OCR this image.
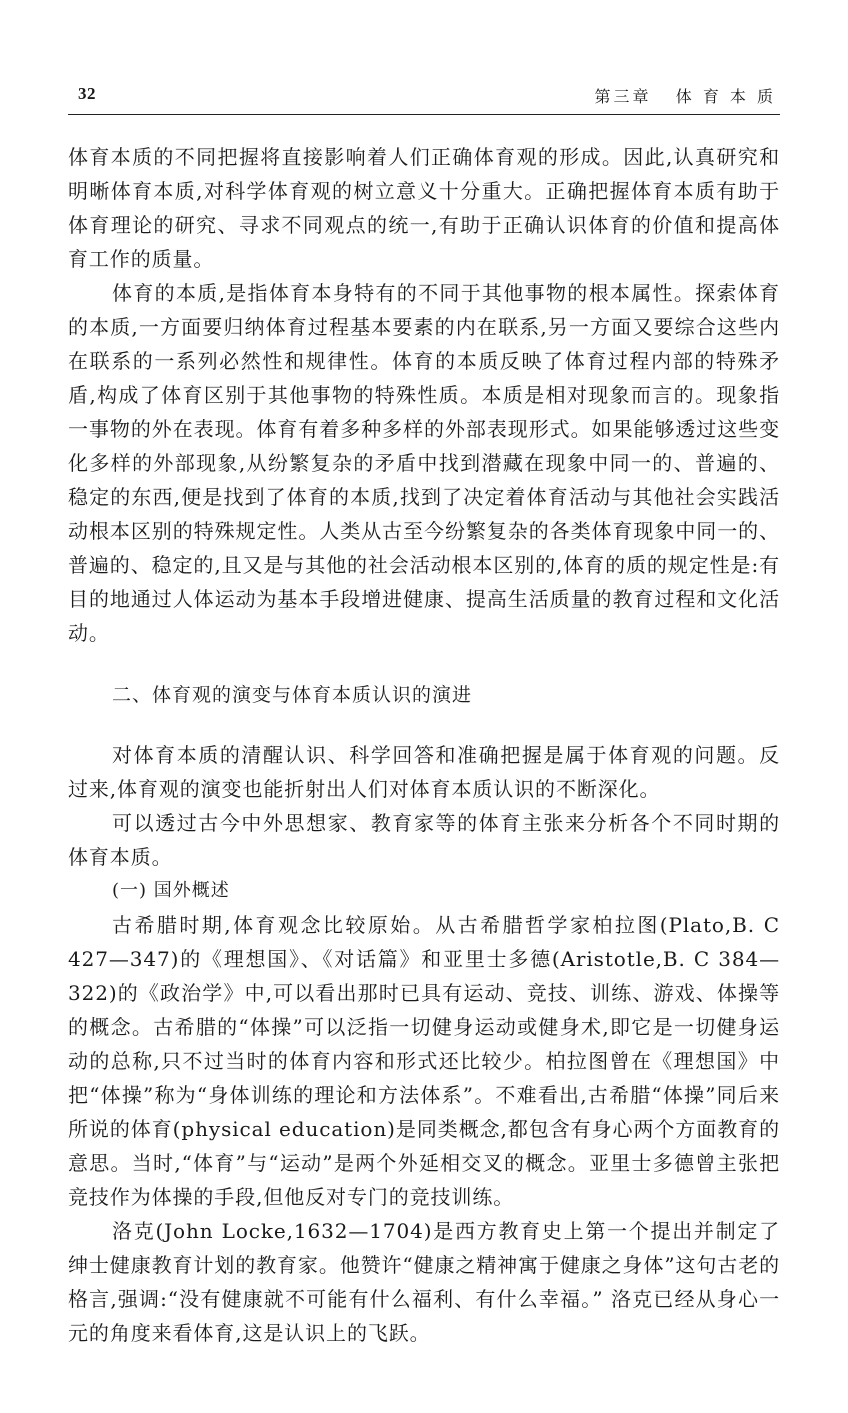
32	第三章   体 育 本 质

体育本质的不同把握将直接影响着人们正确体育观的形成。因此,认真研究和明晰体育本质,对科学体育观的树立意义十分重大。正确把握体育本质有助于体育理论的研究、寻求不同观点的统一,有助于正确认识体育的价值和提高体育工作的质量。

体育的本质,是指体育本身特有的不同于其他事物的根本属性。探索体育的本质,一方面要归纳体育过程基本要素的内在联系,另一方面又要综合这些内在联系的一系列必然性和规律性。体育的本质反映了体育过程内部的特殊矛盾,构成了体育区别于其他事物的特殊性质。本质是相对现象而言的。现象指一事物的外在表现。体育有着多种多样的外部表现形式。如果能够透过这些变化多样的外部现象,从纷繁复杂的矛盾中找到潜藏在现象中同一的、普遍的、稳定的东西,便是找到了体育的本质,找到了决定着体育活动与其他社会实践活动根本区别的特殊规定性。人类从古至今纷繁复杂的各类体育现象中同一的、普遍的、稳定的,且又是与其他的社会活动根本区别的,体育的质的规定性是:有目的地通过人体运动为基本手段增进健康、提高生活质量的教育过程和文化活动。

二、体育观的演变与体育本质认识的演进

对体育本质的清醒认识、科学回答和准确把握是属于体育观的问题。反过来,体育观的演变也能折射出人们对体育本质认识的不断深化。

可以透过古今中外思想家、教育家等的体育主张来分析各个不同时期的体育本质。

(一) 国外概述

古希腊时期,体育观念比较原始。从古希腊哲学家柏拉图(Plato,B. C 427—347)的《理想国》、《对话篇》和亚里士多德(Aristotle,B. C 384—322)的《政治学》中,可以看出那时已具有运动、竞技、训练、游戏、体操等的概念。古希腊的“体操”可以泛指一切健身运动或健身术,即它是一切健身运动的总称,只不过当时的体育内容和形式还比较少。柏拉图曾在《理想国》中把“体操”称为“身体训练的理论和方法体系”。不难看出,古希腊“体操”同后来所说的体育(physical education)是同类概念,都包含有身心两个方面教育的意思。当时,“体育”与“运动”是两个外延相交叉的概念。亚里士多德曾主张把竞技作为体操的手段,但他反对专门的竞技训练。

洛克(John Locke,1632—1704)是西方教育史上第一个提出并制定了绅士健康教育计划的教育家。他赞许“健康之精神寓于健康之身体”这句古老的格言,强调:“没有健康就不可能有什么福利、有什么幸福。” 洛克已经从身心一元的角度来看体育,这是认识上的飞跃。
